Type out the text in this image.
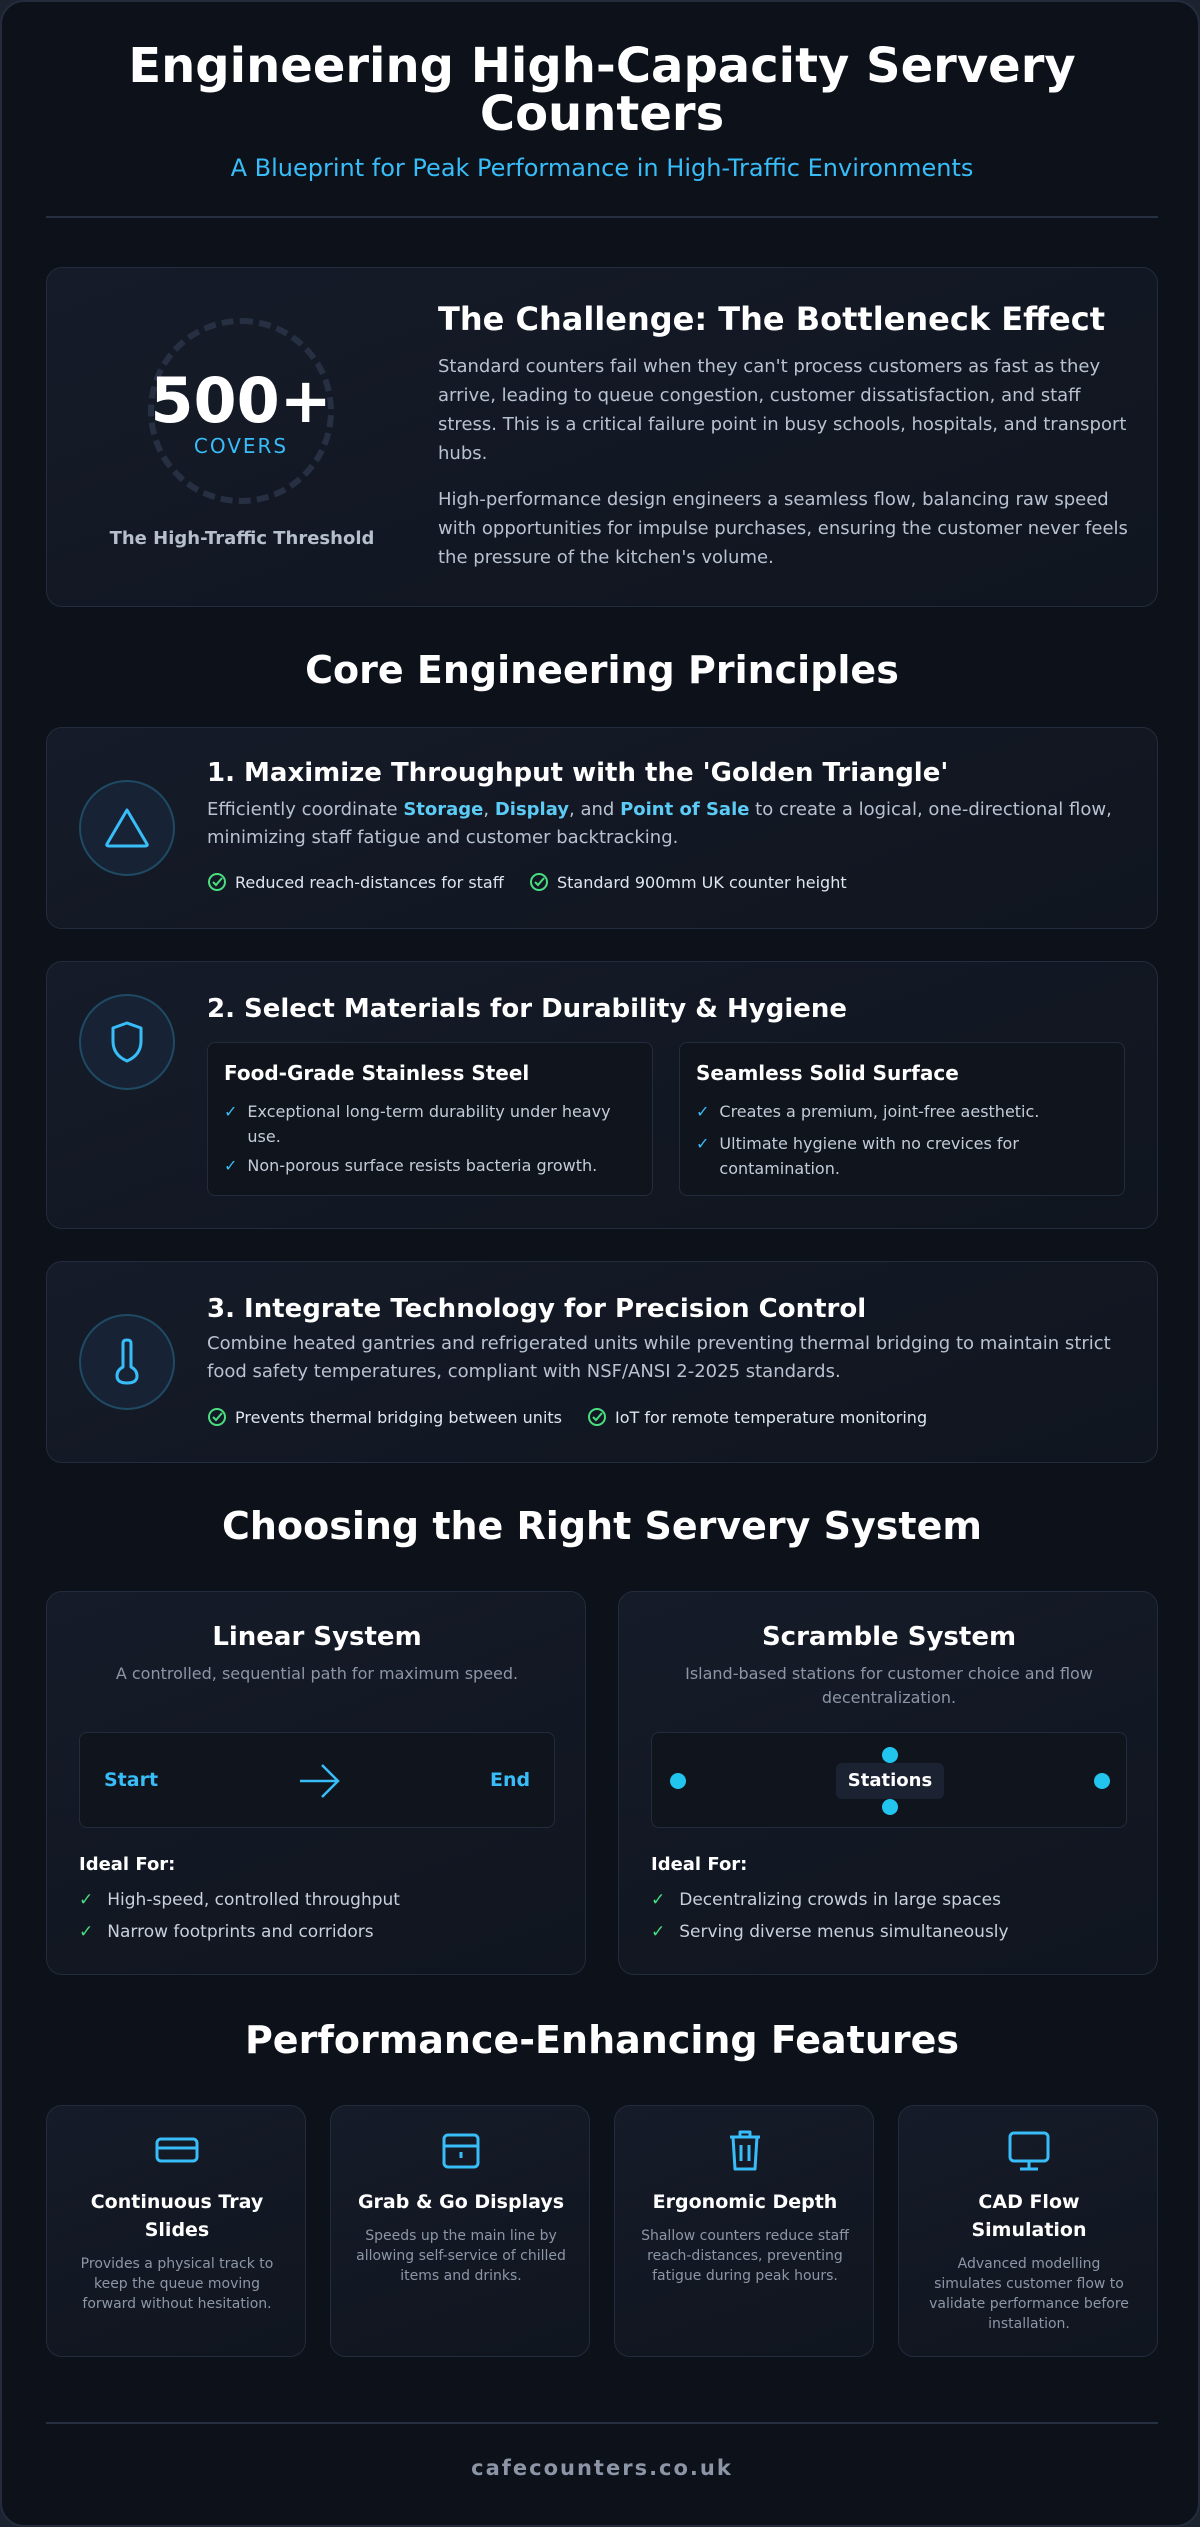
Engineering High-Capacity Servery Counters
A Blueprint for Peak Performance in High-Traffic Environments
500+
COVERS
The High-Traffic Threshold
The Challenge: The Bottleneck Effect
Standard counters fail when they can't process customers as fast as they arrive, leading to queue congestion, customer dissatisfaction, and staff stress. This is a critical failure point in busy schools, hospitals, and transport hubs.
High-performance design engineers a seamless flow, balancing raw speed with opportunities for impulse purchases, ensuring the customer never feels the pressure of the kitchen's volume.
Core Engineering Principles
1. Maximize Throughput with the 'Golden Triangle'
Efficiently coordinate Storage, Display, and Point of Sale to create a logical, one-directional flow, minimizing staff fatigue and customer backtracking.
Reduced reach-distances for staff	Standard 900mm UK counter height
2. Select Materials for Durability & Hygiene
Food-Grade Stainless Steel
✓ Exceptional long-term durability under heavy use.
✓ Non-porous surface resists bacteria growth.
Seamless Solid Surface
✓ Creates a premium, joint-free aesthetic.
✓ Ultimate hygiene with no crevices for contamination.
3. Integrate Technology for Precision Control
Combine heated gantries and refrigerated units while preventing thermal bridging to maintain strict food safety temperatures, compliant with NSF/ANSI 2-2025 standards.
Prevents thermal bridging between units	IoT for remote temperature monitoring
Choosing the Right Servery System
Linear System
A controlled, sequential path for maximum speed.
Start	End
Ideal For:
✓ High-speed, controlled throughput
✓ Narrow footprints and corridors
Scramble System
Island-based stations for customer choice and flow decentralization.
Stations
Ideal For:
✓ Decentralizing crowds in large spaces
✓ Serving diverse menus simultaneously
Performance-Enhancing Features
Continuous Tray Slides
Provides a physical track to keep the queue moving forward without hesitation.
Grab & Go Displays
Speeds up the main line by allowing self-service of chilled items and drinks.
Ergonomic Depth
Shallow counters reduce staff reach-distances, preventing fatigue during peak hours.
CAD Flow Simulation
Advanced modelling simulates customer flow to validate performance before installation.
cafecounters.co.uk
